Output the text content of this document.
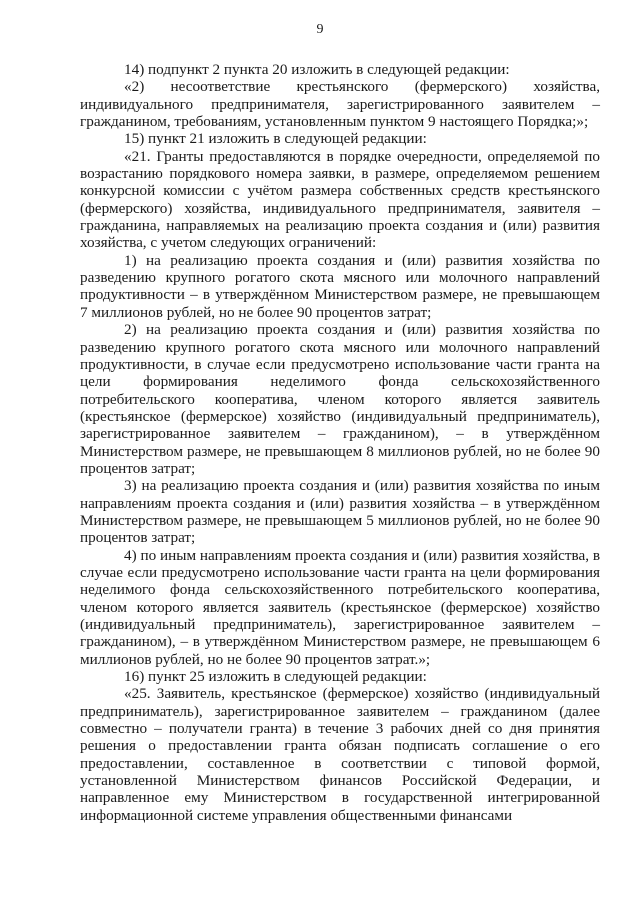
9

14) подпункт 2 пункта 20 изложить в следующей редакции:

«2) несоответствие крестьянского (фермерского) хозяйства, индивидуального предпринимателя, зарегистрированного заявителем – гражданином, требованиям, установленным пунктом 9 настоящего Порядка;»;

15) пункт 21 изложить в следующей редакции:

«21. Гранты предоставляются в порядке очередности, определяемой по возрастанию порядкового номера заявки, в размере, определяемом решением конкурсной комиссии с учётом размера собственных средств крестьянского (фермерского) хозяйства, индивидуального предпринимателя, заявителя – гражданина, направляемых на реализацию проекта создания и (или) развития хозяйства, с учетом следующих ограничений:

1) на реализацию проекта создания и (или) развития хозяйства по разведению крупного рогатого скота мясного или молочного направлений продуктивности – в утверждённом Министерством размере, не превышающем 7 миллионов рублей, но не более 90 процентов затрат;

2) на реализацию проекта создания и (или) развития хозяйства по разведению крупного рогатого скота мясного или молочного направлений продуктивности, в случае если предусмотрено использование части гранта на цели формирования неделимого фонда сельскохозяйственного потребительского кооператива, членом которого является заявитель (крестьянское (фермерское) хозяйство (индивидуальный предприниматель), зарегистрированное заявителем – гражданином), – в утверждённом Министерством размере, не превышающем 8 миллионов рублей, но не более 90 процентов затрат;

3) на реализацию проекта создания и (или) развития хозяйства по иным направлениям проекта создания и (или) развития хозяйства – в утверждённом Министерством размере, не превышающем 5 миллионов рублей, но не более 90 процентов затрат;

4) по иным направлениям проекта создания и (или) развития хозяйства, в случае если предусмотрено использование части гранта на цели формирования неделимого фонда сельскохозяйственного потребительского кооператива, членом которого является заявитель (крестьянское (фермерское) хозяйство (индивидуальный предприниматель), зарегистрированное заявителем – гражданином), – в утверждённом Министерством размере, не превышающем 6 миллионов рублей, но не более 90 процентов затрат.»;

16) пункт 25 изложить в следующей редакции:

«25. Заявитель, крестьянское (фермерское) хозяйство (индивидуальный предприниматель), зарегистрированное заявителем – гражданином (далее совместно – получатели гранта) в течение 3 рабочих дней со дня принятия решения о предоставлении гранта обязан подписать соглашение о его предоставлении, составленное в соответствии с типовой формой, установленной Министерством финансов Российской Федерации, и направленное ему Министерством в государственной интегрированной информационной системе управления общественными финансами
